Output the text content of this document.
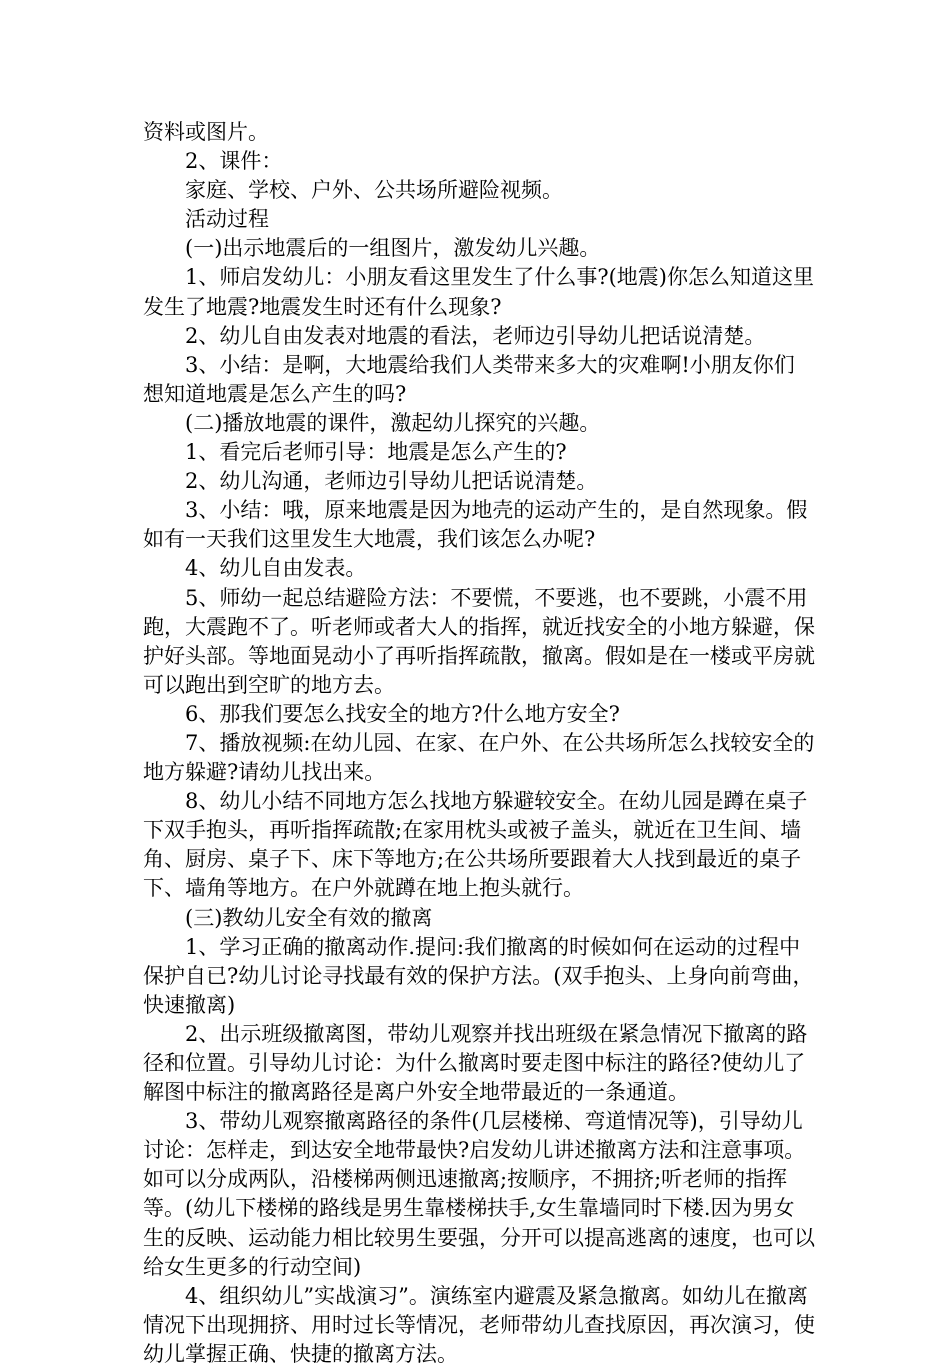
资料或图片。

2、课件：

家庭、学校、户外、公共场所避险视频。

活动过程

(一)出示地震后的一组图片，激发幼儿兴趣。

1、师启发幼儿：小朋友看这里发生了什么事?(地震)你怎么知道这里发生了地震?地震发生时还有什么现象?

2、幼儿自由发表对地震的看法，老师边引导幼儿把话说清楚。

3、小结：是啊，大地震给我们人类带来多大的灾难啊!小朋友你们想知道地震是怎么产生的吗?

(二)播放地震的课件，激起幼儿探究的兴趣。

1、看完后老师引导：地震是怎么产生的?

2、幼儿沟通，老师边引导幼儿把话说清楚。

3、小结：哦，原来地震是因为地壳的运动产生的，是自然现象。假如有一天我们这里发生大地震，我们该怎么办呢?

4、幼儿自由发表。

5、师幼一起总结避险方法：不要慌，不要逃，也不要跳，小震不用跑，大震跑不了。听老师或者大人的指挥，就近找安全的小地方躲避，保护好头部。等地面晃动小了再听指挥疏散，撤离。假如是在一楼或平房就可以跑出到空旷的地方去。

6、那我们要怎么找安全的地方?什么地方安全?

7、播放视频:在幼儿园、在家、在户外、在公共场所怎么找较安全的地方躲避?请幼儿找出来。

8、幼儿小结不同地方怎么找地方躲避较安全。在幼儿园是蹲在桌子下双手抱头，再听指挥疏散;在家用枕头或被子盖头，就近在卫生间、墙角、厨房、桌子下、床下等地方;在公共场所要跟着大人找到最近的桌子下、墙角等地方。在户外就蹲在地上抱头就行。

(三)教幼儿安全有效的撤离

1、学习正确的撤离动作.提问:我们撤离的时候如何在运动的过程中保护自已?幼儿讨论寻找最有效的保护方法。(双手抱头、上身向前弯曲，快速撤离)

2、出示班级撤离图，带幼儿观察并找出班级在紧急情况下撤离的路径和位置。引导幼儿讨论：为什么撤离时要走图中标注的路径?使幼儿了解图中标注的撤离路径是离户外安全地带最近的一条通道。

3、带幼儿观察撤离路径的条件(几层楼梯、弯道情况等)，引导幼儿讨论：怎样走，到达安全地带最快?启发幼儿讲述撤离方法和注意事项。如可以分成两队，沿楼梯两侧迅速撤离;按顺序，不拥挤;听老师的指挥等。(幼儿下楼梯的路线是男生靠楼梯扶手,女生靠墙同时下楼.因为男女生的反映、运动能力相比较男生要强，分开可以提高逃离的速度，也可以给女生更多的行动空间)

4、组织幼儿”实战演习”。演练室内避震及紧急撤离。如幼儿在撤离情况下出现拥挤、用时过长等情况，老师带幼儿查找原因，再次演习，使幼儿掌握正确、快捷的撤离方法。
